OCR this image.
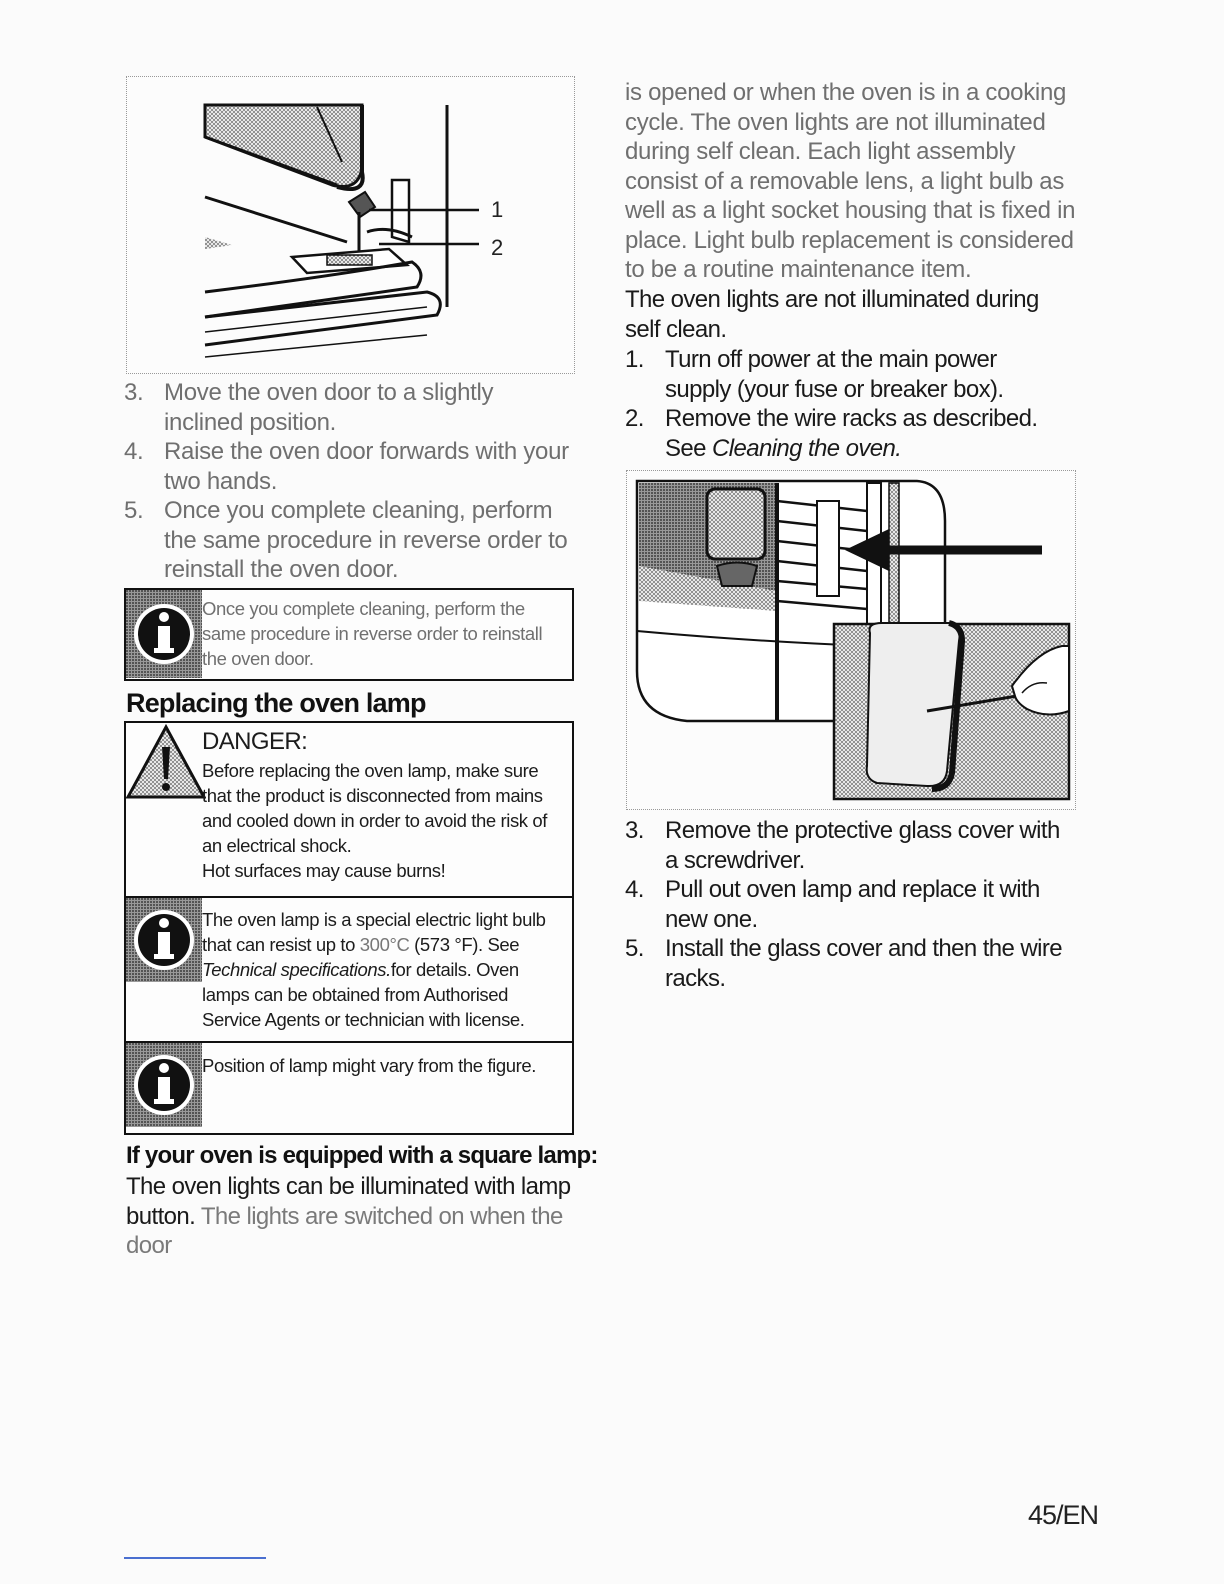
1
2
3. Move the oven door to a slightly inclined position.
4. Raise the oven door forwards with your two hands.
5. Once you complete cleaning, perform the same procedure in reverse order to reinstall the oven door.
Once you complete cleaning, perform the same procedure in reverse order to reinstall the oven door.
Replacing the oven lamp
DANGER:
Before replacing the oven lamp, make sure that the product is disconnected from mains and cooled down in order to avoid the risk of an electrical shock.
Hot surfaces may cause burns!
The oven lamp is a special electric light bulb that can resist up to 300°C (573 °F). See Technical specifications.for details. Oven lamps can be obtained from Authorised Service Agents or technician with license.
Position of lamp might vary from the figure.
If your oven is equipped with a square lamp:

The oven lights can be illuminated with lamp button. The lights are switched on when the door

is opened or when the oven is in a cooking cycle. The oven lights are not illuminated during self clean. Each light assembly consist of a removable lens, a light bulb as well as a light socket housing that is fixed in place. Light bulb replacement is considered to be a routine maintenance item.

The oven lights are not illuminated during self clean.

1. Turn off power at the main power supply (your fuse or breaker box).
2. Remove the wire racks as described. See Cleaning the oven.
3. Remove the protective glass cover with a screwdriver.
4. Pull out oven lamp and replace it with new one.
5. Install the glass cover and then the wire racks.
45/EN
